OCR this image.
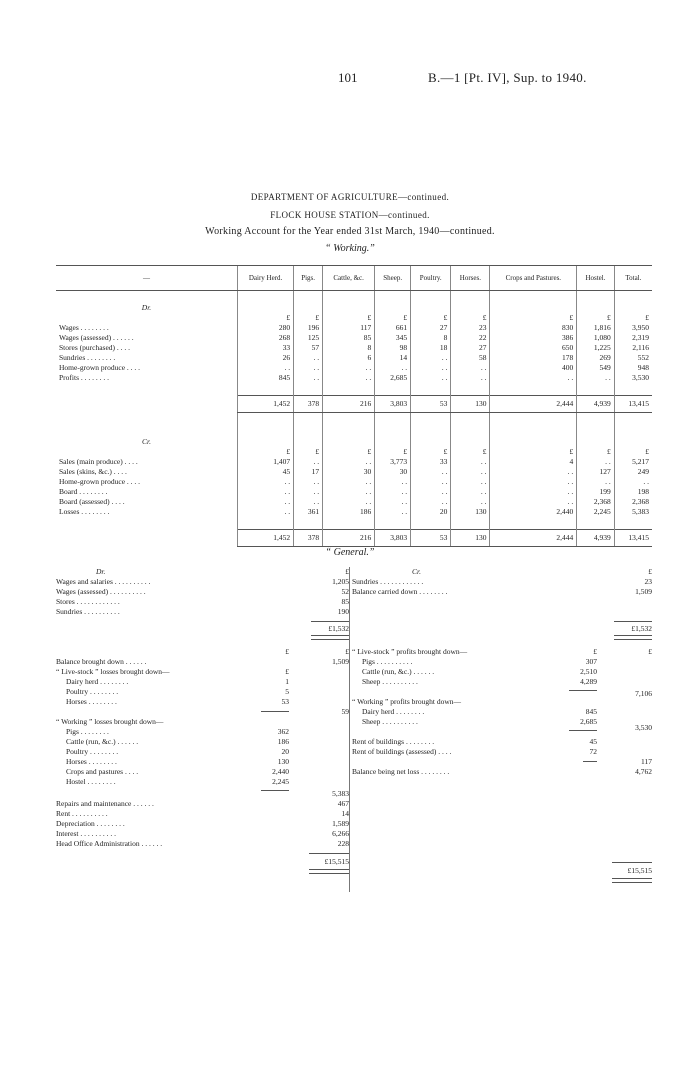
101	B.—1 [Pt. IV], Sup. to 1940.
DEPARTMENT OF AGRICULTURE—continued.
FLOCK HOUSE STATION—continued.
Working Account for the Year ended 31st March, 1940—continued.
“ Working.”
—	Dairy Herd.	Pigs.	Cattle, &c.	Sheep.	Poultry.	Horses.	Crops and Pastures.	Hostel.	Total.

Dr.									
	£	£	£	£	£	£	£	£	£
Wages . . . . . . . .	280	196	117	661	27	23	830	1,816	3,950
Wages (assessed) . . . . . .	268	125	85	345	8	22	386	1,080	2,319
Stores (purchased) . . . .	33	57	8	98	18	27	650	1,225	2,116
Sundries . . . . . . . .	26	. .	6	14	. .	58	178	269	552
Home-grown produce . . . .	. .	. .	. .	. .	. .	. .	400	549	948
Profits . . . . . . . .	845	. .	. .	2,685	. .	. .	. .	. .	3,530

	1,452	378	216	3,803	53	130	2,444	4,939	13,415

Cr.									
	£	£	£	£	£	£	£	£	£
Sales (main produce) . . . .	1,407	. .	. .	3,773	33	. .	4	. .	5,217
Sales (skins, &c.) . . . .	45	17	30	30	. .	. .	. .	127	249
Home-grown produce . . . .	. .	. .	. .	. .	. .	. .	. .	. .	. .
Board . . . . . . . .	. .	. .	. .	. .	. .	. .	. .	199	198
Board (assessed) . . . .	. .	. .	. .	. .	. .	. .	. .	2,368	2,368
Losses . . . . . . . .	. .	361	186	. .	20	130	2,440	2,245	5,383

	1,452	378	216	3,803	53	130	2,444	4,939	13,415
“ General.”
Dr.	£
Wages and salaries . . . . . . . . . .	1,205
Wages (assessed) . . . . . . . . . .	52
Stores . . . . . . . . . . . .	85
Sundries . . . . . . . . . .	190
£1,532
£	£
Balance brought down . . . . . .	1,509
“ Live-stock ” losses brought down—	£
Dairy herd . . . . . . . .	1
Poultry . . . . . . . .	5
Horses . . . . . . . .	53
59
“ Working ” losses brought down—
Pigs . . . . . . . .	362
Cattle (run, &c.) . . . . . .	186
Poultry . . . . . . . .	20
Horses . . . . . . . .	130
Crops and pastures . . . .	2,440
Hostel . . . . . . . .	2,245
5,383
Repairs and maintenance . . . . . .	467
Rent . . . . . . . . . .	14
Depreciation . . . . . . . .	1,589
Interest . . . . . . . . . .	6,266
Head Office Administration . . . . . .	228
£15,515
Cr.	£
Sundries . . . . . . . . . . . .	23
Balance carried down . . . . . . . .	1,509
£1,532
“ Live-stock ” profits brought down—	£	£
Pigs . . . . . . . . . .	307
Cattle (run, &c.) . . . . . .	2,510
Sheep . . . . . . . . . .	4,289
7,106
“ Working ” profits brought down—
Dairy herd . . . . . . . .	845
Sheep . . . . . . . . . .	2,685
3,530
Rent of buildings . . . . . . . .	45
Rent of buildings (assessed) . . . .	72
117
Balance being net loss . . . . . . . .	4,762
£15,515
